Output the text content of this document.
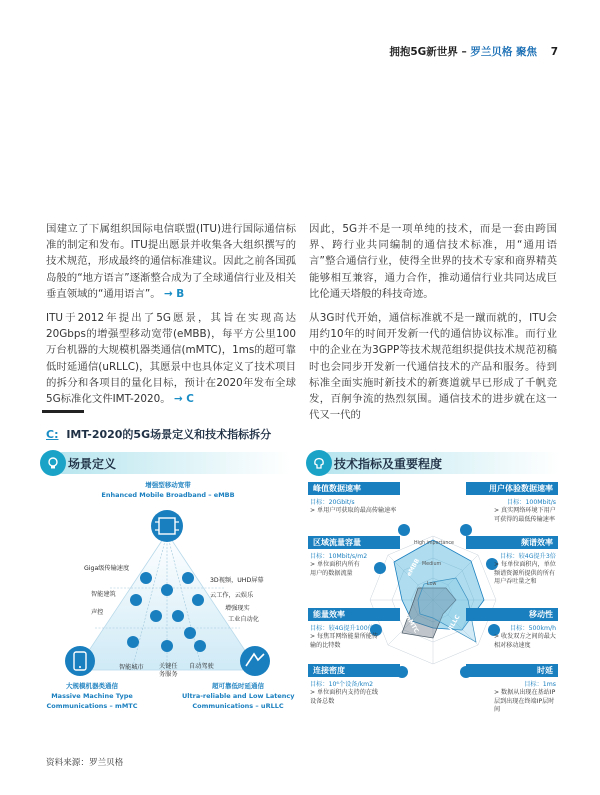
拥抱5G新世界 – 罗兰贝格 聚焦 7

国建立了下属组织国际电信联盟(ITU)进行国际通信标准的制定和发布。ITU提出愿景并收集各大组织撰写的技术规范，形成最终的通信标准建议。因此之前各国孤岛般的“地方语言”逐渐整合成为了全球通信行业及相关垂直领域的“通用语言”。 → B

ITU于2012年提出了5G愿景，其旨在实现高达20Gbps的增强型移动宽带(eMBB)，每平方公里100万台机器的大规模机器类通信(mMTC)，1ms的超可靠低时延通信(uRLLC)，其愿景中也具体定义了技术项目的拆分和各项目的量化目标，预计在2020年发布全球5G标准化文件IMT-2020。 → C

因此，5G并不是一项单纯的技术，而是一套由跨国界、跨行业共同编制的通信技术标准，用“通用语言”整合通信行业，使得全世界的技术专家和商界精英能够相互兼容，通力合作，推动通信行业共同达成巨比伦通天塔般的科技奇迹。

从3G时代开始，通信标准就不是一蹴而就的，ITU会用约10年的时间开发新一代的通信协议标准。而行业中的企业在为3GPP等技术规范组织提供技术规范初稿时也会同步开发新一代通信技术的产品和服务。待到标准全面实施时新技术的新赛道就早已形成了千帆竞发，百舸争流的热烈氛围。通信技术的进步就在这一代又一代的

C: IMT-2020的5G场景定义和技术指标拆分
场景定义	技术指标及重要程度
增强型移动宽带
Enhanced Mobile Broadband – eMBB
Giga级传输速度
3D视频，UHD屏幕
智能建筑	云工作，云娱乐
声控
增强现实
工业自动化
智能城市 关键任
务服务
自动驾驶
大规模机器类通信
Massive Machine Type
Communications – mMTC
超可靠低时延通信
Ultra-reliable and Low Latency
Communications – uRLLC
High importance
Medium
Low
eMBB
mMTC	uRLLC
峰值数据速率
目标：20Gbit/s
> 单用户可获取的最高传输速率
区域流量容量
目标：10Mbit/s/m2
> 单位面积内所有用户的数据流量
能量效率
目标：较4G提升100倍
> 每焦耳网络能量所能传输的比特数
连接密度
目标：10⁶个设备/km2
> 单位面积内支持的在线设备总数
用户体验数据速率
目标：100Mbit/s
> 真实网络环境下用户可获得的最低传输速率
频谱效率
目标：较4G提升3倍
> 每单位面积内，单位频谱资源所提供的所有用户吞吐量之和
移动性
目标：500km/h
> 收发双方之间的最大相对移动速度
时延
目标：1ms
> 数据从出现在基站IP层到出现在终端IP层时间
资料来源：罗兰贝格
